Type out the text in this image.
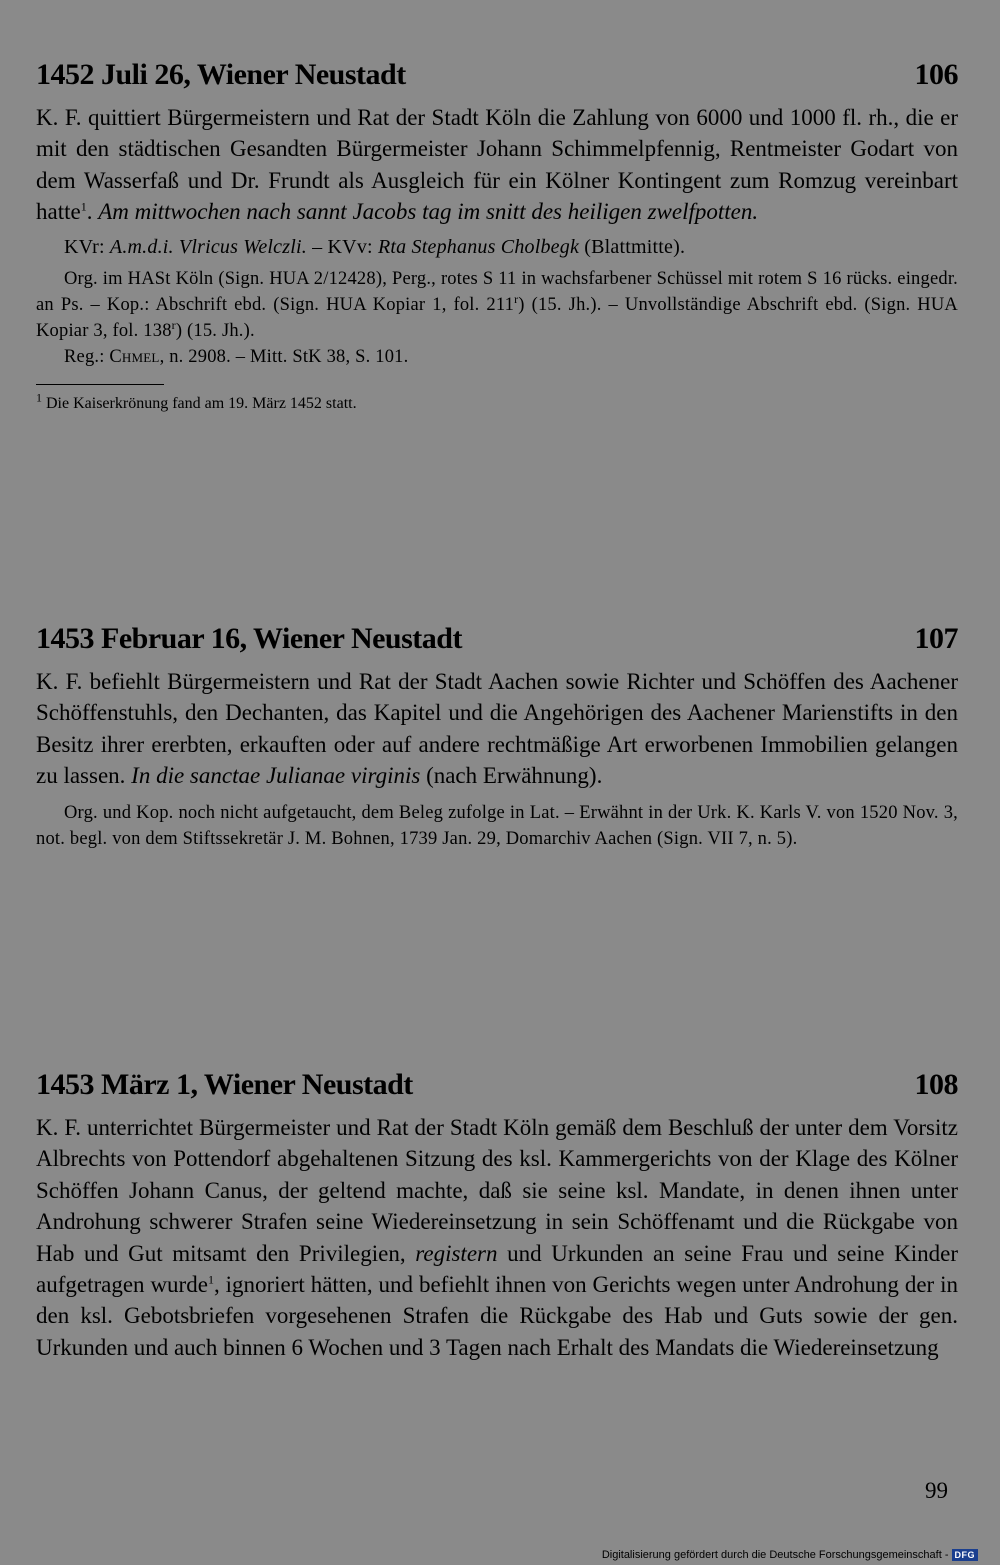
1452 Juli 26, Wiener Neustadt	106
K. F. quittiert Bürgermeistern und Rat der Stadt Köln die Zahlung von 6000 und 1000 fl. rh., die er mit den städtischen Gesandten Bürgermeister Johann Schimmelpfennig, Rentmeister Godart von dem Wasserfaß und Dr. Frundt als Ausgleich für ein Kölner Kontingent zum Romzug vereinbart hatte$^1$. Am mittwochen nach sannt Jacobs tag im snitt des heiligen zwelfpotten.
KVr: A.m.d.i. Vlricus Welczli. – KVv: Rta Stephanus Cholbegk (Blattmitte).
Org. im HASt Köln (Sign. HUA 2/12428), Perg., rotes S 11 in wachsfarbener Schüssel mit rotem S 16 rücks. eingedr. an Ps. – Kop.: Abschrift ebd. (Sign. HUA Kopiar 1, fol. 211$^r$) (15. Jh.). – Unvollständige Abschrift ebd. (Sign. HUA Kopiar 3, fol. 138$^r$) (15. Jh.).
Reg.: Chmel, n. 2908. – Mitt. StK 38, S. 101.
$^1$ Die Kaiserkrönung fand am 19. März 1452 statt.
1453 Februar 16, Wiener Neustadt	107
K. F. befiehlt Bürgermeistern und Rat der Stadt Aachen sowie Richter und Schöffen des Aachener Schöffenstuhls, den Dechanten, das Kapitel und die Angehörigen des Aachener Marienstifts in den Besitz ihrer ererbten, erkauften oder auf andere rechtmäßige Art erworbenen Immobilien gelangen zu lassen. In die sanctae Julianae virginis (nach Erwähnung).
Org. und Kop. noch nicht aufgetaucht, dem Beleg zufolge in Lat. – Erwähnt in der Urk. K. Karls V. von 1520 Nov. 3, not. begl. von dem Stiftssekretär J. M. Bohnen, 1739 Jan. 29, Domarchiv Aachen (Sign. VII 7, n. 5).
1453 März 1, Wiener Neustadt	108
K. F. unterrichtet Bürgermeister und Rat der Stadt Köln gemäß dem Beschluß der unter dem Vorsitz Albrechts von Pottendorf abgehaltenen Sitzung des ksl. Kammergerichts von der Klage des Kölner Schöffen Johann Canus, der geltend machte, daß sie seine ksl. Mandate, in denen ihnen unter Androhung schwerer Strafen seine Wiedereinsetzung in sein Schöffenamt und die Rückgabe von Hab und Gut mitsamt den Privilegien, registern und Urkunden an seine Frau und seine Kinder aufgetragen wurde$^1$, ignoriert hätten, und befiehlt ihnen von Gerichts wegen unter Androhung der in den ksl. Gebotsbriefen vorgesehenen Strafen die Rückgabe des Hab und Guts sowie der gen. Urkunden und auch binnen 6 Wochen und 3 Tagen nach Erhalt des Mandats die Wiedereinsetzung
99
Digitalisierung gefördert durch die Deutsche Forschungsgemeinschaft - DFG
